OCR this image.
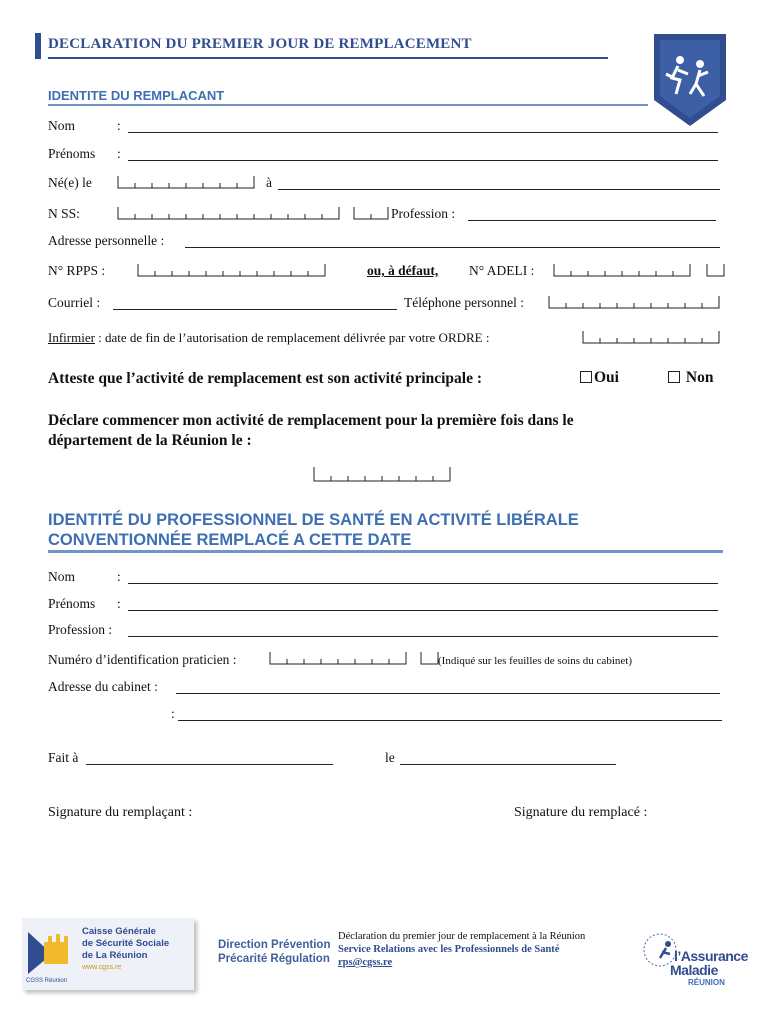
DECLARATION DU PREMIER JOUR DE REMPLACEMENT
IDENTITE DU REMPLACANT
Nom	:
Prénoms :
Né(e) le	à
N SS:	Profession :
Adresse personnelle :
N° RPPS :	ou, à défaut, N° ADELI :
Courriel :	Téléphone personnel :
Infirmier : date de fin de l’autorisation de remplacement délivrée par votre ORDRE :
Atteste que l’activité de remplacement est son activité principale :	Oui	Non
Déclare commencer mon activité de remplacement pour la première fois dans le
département de la Réunion le :
IDENTITÉ DU PROFESSIONNEL DE SANTÉ EN ACTIVITÉ LIBÉRALE
CONVENTIONNÉE REMPLACÉ A CETTE DATE
Nom	:
Prénoms :
Profession :
Numéro d’identification praticien :	(Indiqué sur les feuilles de soins du cabinet)
Adresse du cabinet :
:
Fait à	le
Signature du remplaçant :	Signature du remplacé :
CGSS Réunion
Caisse Générale
de Sécurité Sociale
de La Réunion
www.cgss.re
Direction Prévention
Précarité Régulation
Déclaration du premier jour de remplacement à la Réunion
Service Relations avec les Professionnels de Santé
rps@cgss.re	l’Assurance
Maladie
RÉUNION
